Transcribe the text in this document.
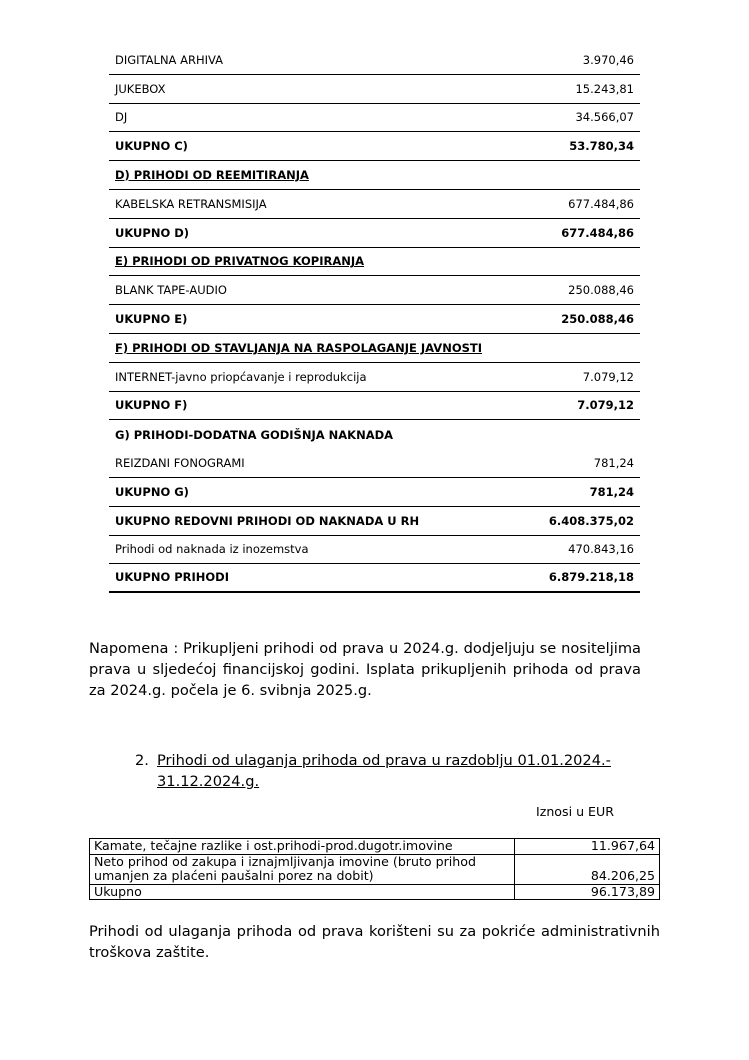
DIGITALNA ARHIVA	3.970,46
JUKEBOX	15.243,81
DJ	34.566,07
UKUPNO C)	53.780,34
D) PRIHODI OD REEMITIRANJA
KABELSKA RETRANSMISIJA	677.484,86
UKUPNO D)	677.484,86
E) PRIHODI OD PRIVATNOG KOPIRANJA
BLANK TAPE-AUDIO	250.088,46
UKUPNO E)	250.088,46
F) PRIHODI OD STAVLJANJA NA RASPOLAGANJE JAVNOSTI
INTERNET-javno priopćavanje i reprodukcija	7.079,12
UKUPNO F)	7.079,12
G) PRIHODI-DODATNA GODIŠNJA NAKNADA
REIZDANI FONOGRAMI	781,24
UKUPNO G)	781,24
UKUPNO REDOVNI PRIHODI OD NAKNADA U RH	6.408.375,02
Prihodi od naknada iz inozemstva	470.843,16
UKUPNO PRIHODI	6.879.218,18
Napomena : Prikupljeni prihodi od prava u 2024.g. dodjeljuju se nositeljima prava u sljedećoj financijskoj godini. Isplata prikupljenih prihoda od prava za 2024.g. počela je 6. svibnja 2025.g.
2. Prihodi od ulaganja prihoda od prava u razdoblju 01.01.2024.- 31.12.2024.g.
Iznosi u EUR
Kamate, tečajne razlike i ost.prihodi-prod.dugotr.imovine	11.967,64
Neto prihod od zakupa i iznajmljivanja imovine (bruto prihod umanjen za plaćeni paušalni porez na dobit)	84.206,25
Ukupno	96.173,89
Prihodi od ulaganja prihoda od prava korišteni su za pokriće administrativnih troškova zaštite.
